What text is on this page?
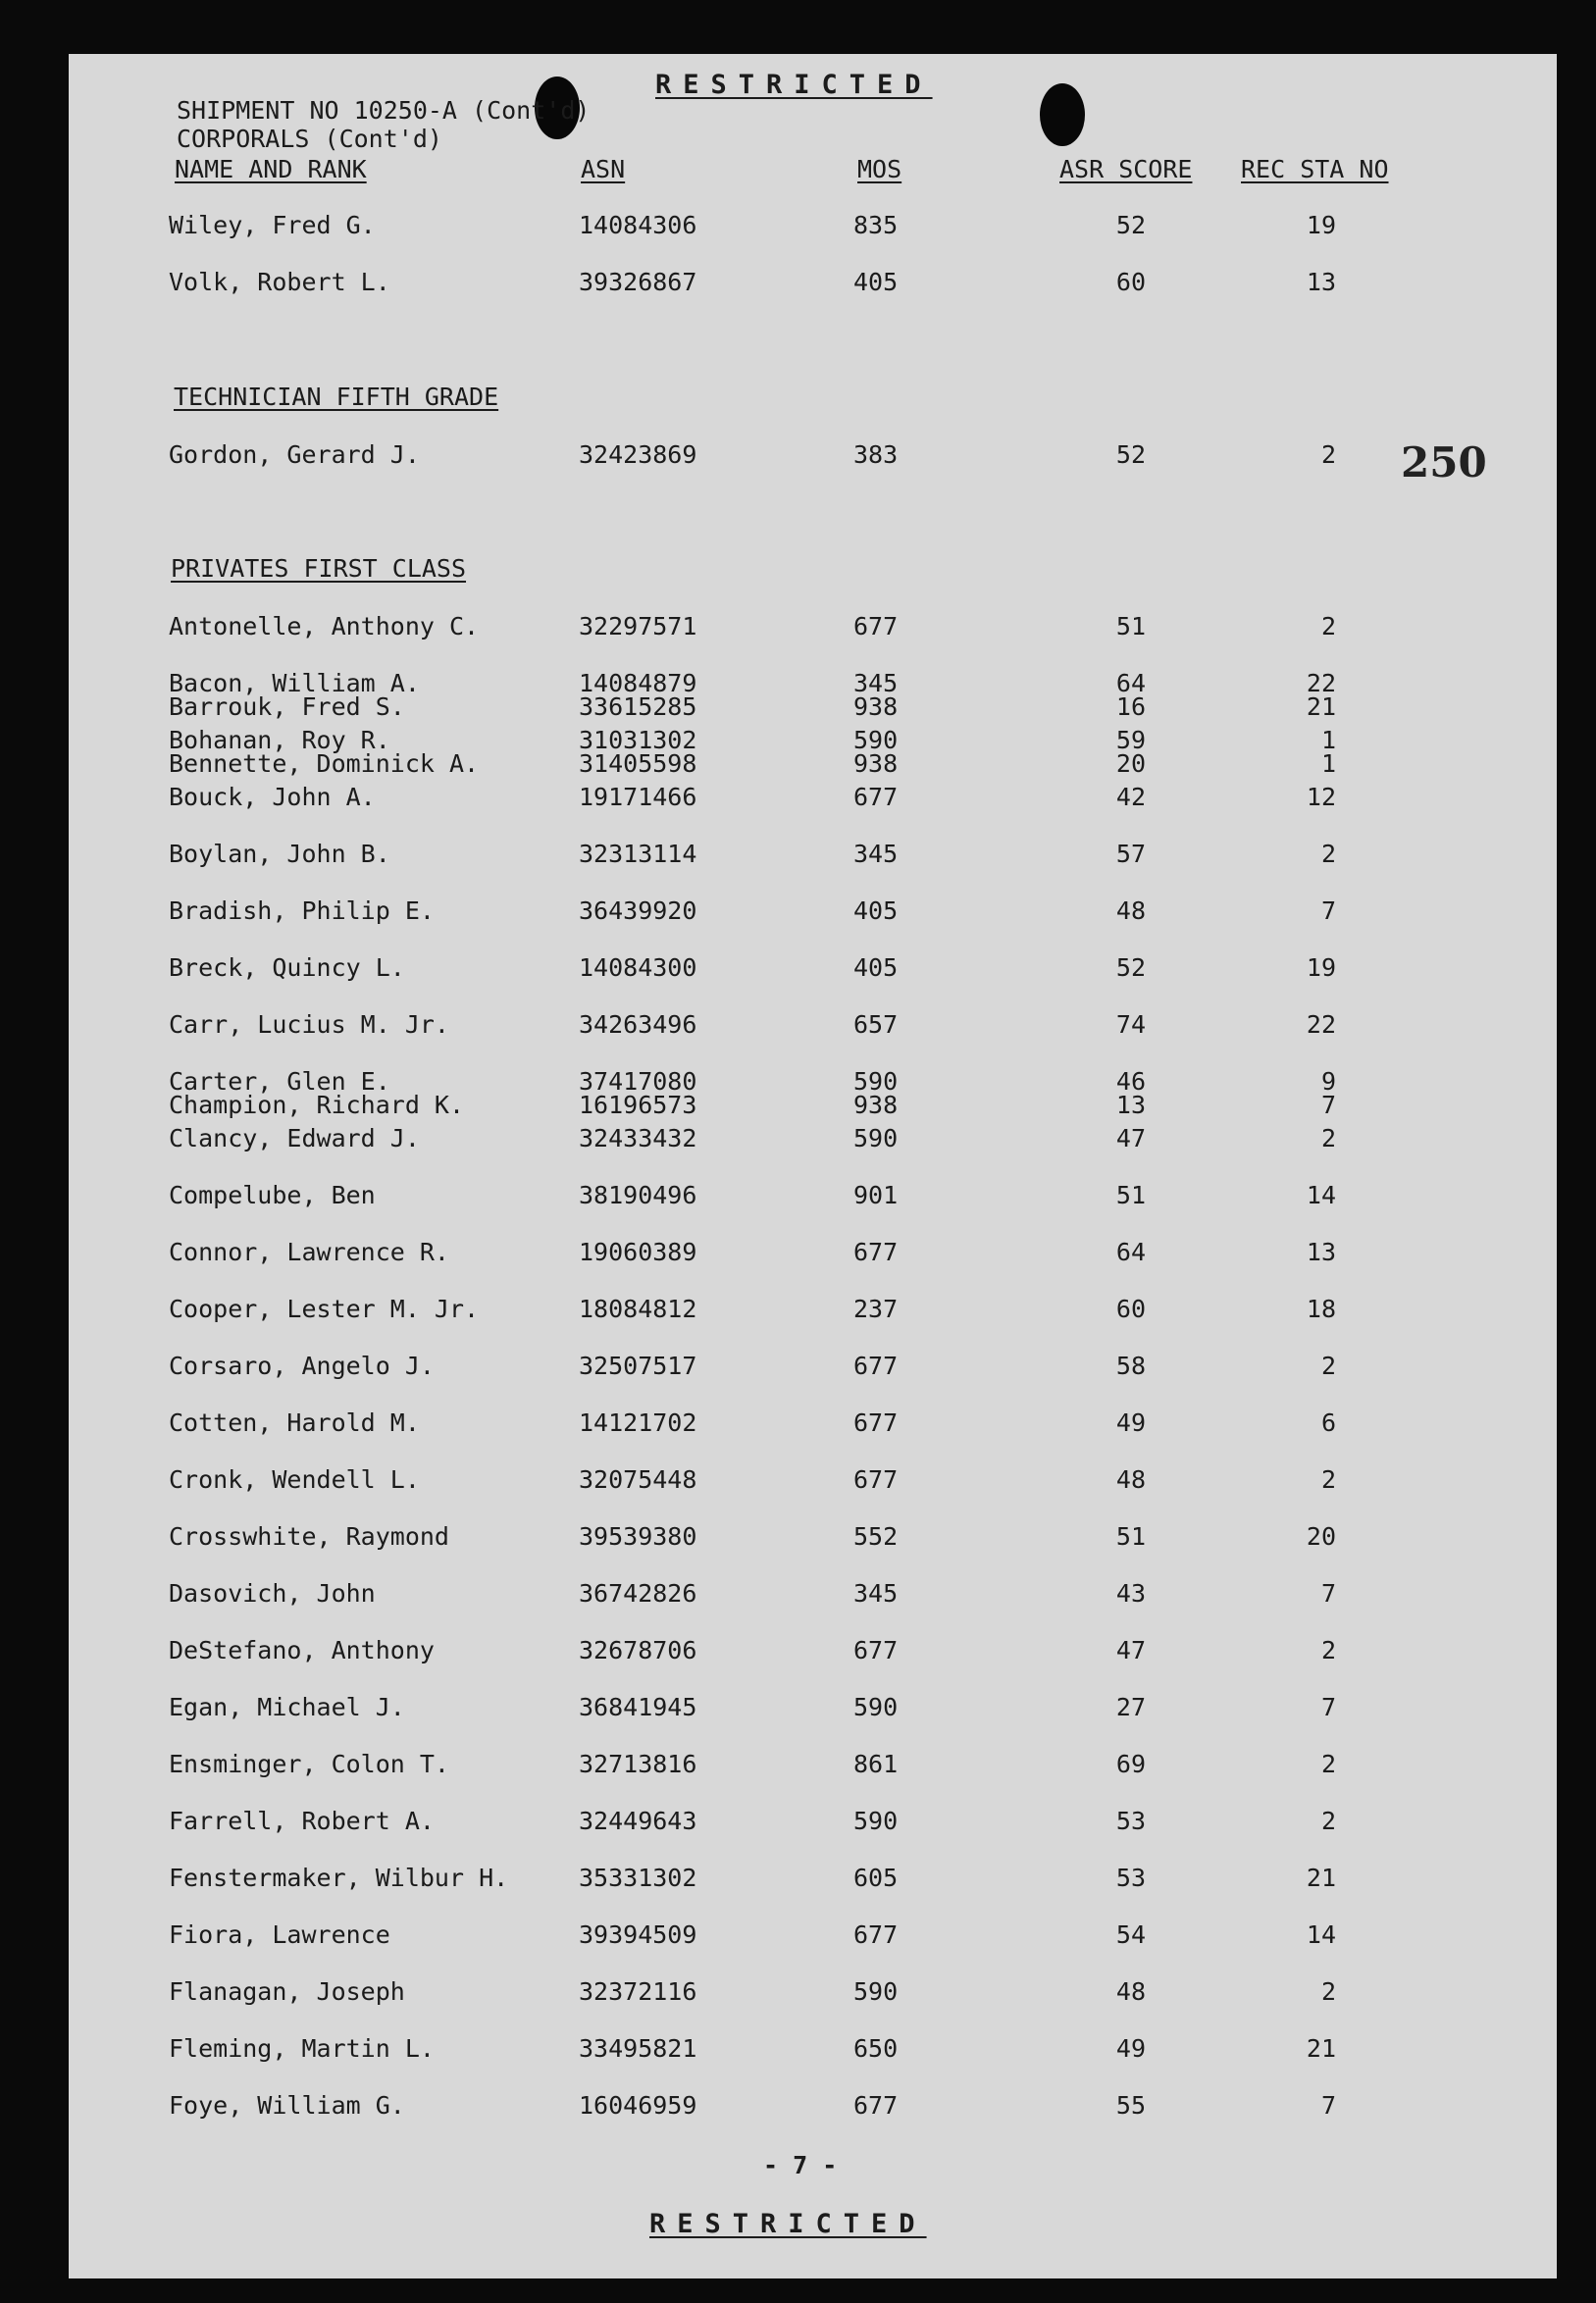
RESTRICTED
SHIPMENT NO 10250-A (Cont'd)
CORPORALS (Cont'd)
NAME AND RANK	ASN	MOS	ASR SCORE REC STA NO
250
Wiley, Fred G.	14084306	835	52	19
Volk, Robert L.	39326867	405	60	13
TECHNICIAN FIFTH GRADE
Gordon, Gerard J.	32423869	383	52	2
PRIVATES FIRST CLASS
Antonelle, Anthony C.	32297571	677	51	2
Bacon, William A.	14084879	345	64	22
Barrouk, Fred S.	33615285	938	16	21
Bohanan, Roy R.	31031302	590	59	1
Bennette, Dominick A.	31405598	938	20	1
Bouck, John A.	19171466	677	42	12
Boylan, John B.	32313114	345	57	2
Bradish, Philip E.	36439920	405	48	7
Breck, Quincy L.	14084300	405	52	19
Carr, Lucius M. Jr.	34263496	657	74	22
Carter, Glen E.	37417080	590	46	9
Champion, Richard K.	16196573	938	13	7
Clancy, Edward J.	32433432	590	47	2
Compelube, Ben	38190496	901	51	14
Connor, Lawrence R.	19060389	677	64	13
Cooper, Lester M. Jr.	18084812	237	60	18
Corsaro, Angelo J.	32507517	677	58	2
Cotten, Harold M.	14121702	677	49	6
Cronk, Wendell L.	32075448	677	48	2
Crosswhite, Raymond	39539380	552	51	20
Dasovich, John	36742826	345	43	7
DeStefano, Anthony	32678706	677	47	2
Egan, Michael J.	36841945	590	27	7
Ensminger, Colon T.	32713816	861	69	2
Farrell, Robert A.	32449643	590	53	2
Fenstermaker, Wilbur H.	35331302	605	53	21
Fiora, Lawrence	39394509	677	54	14
Flanagan, Joseph	32372116	590	48	2
Fleming, Martin L.	33495821	650	49	21
Foye, William G.	16046959	677	55	7
- 7 -
RESTRICTED
